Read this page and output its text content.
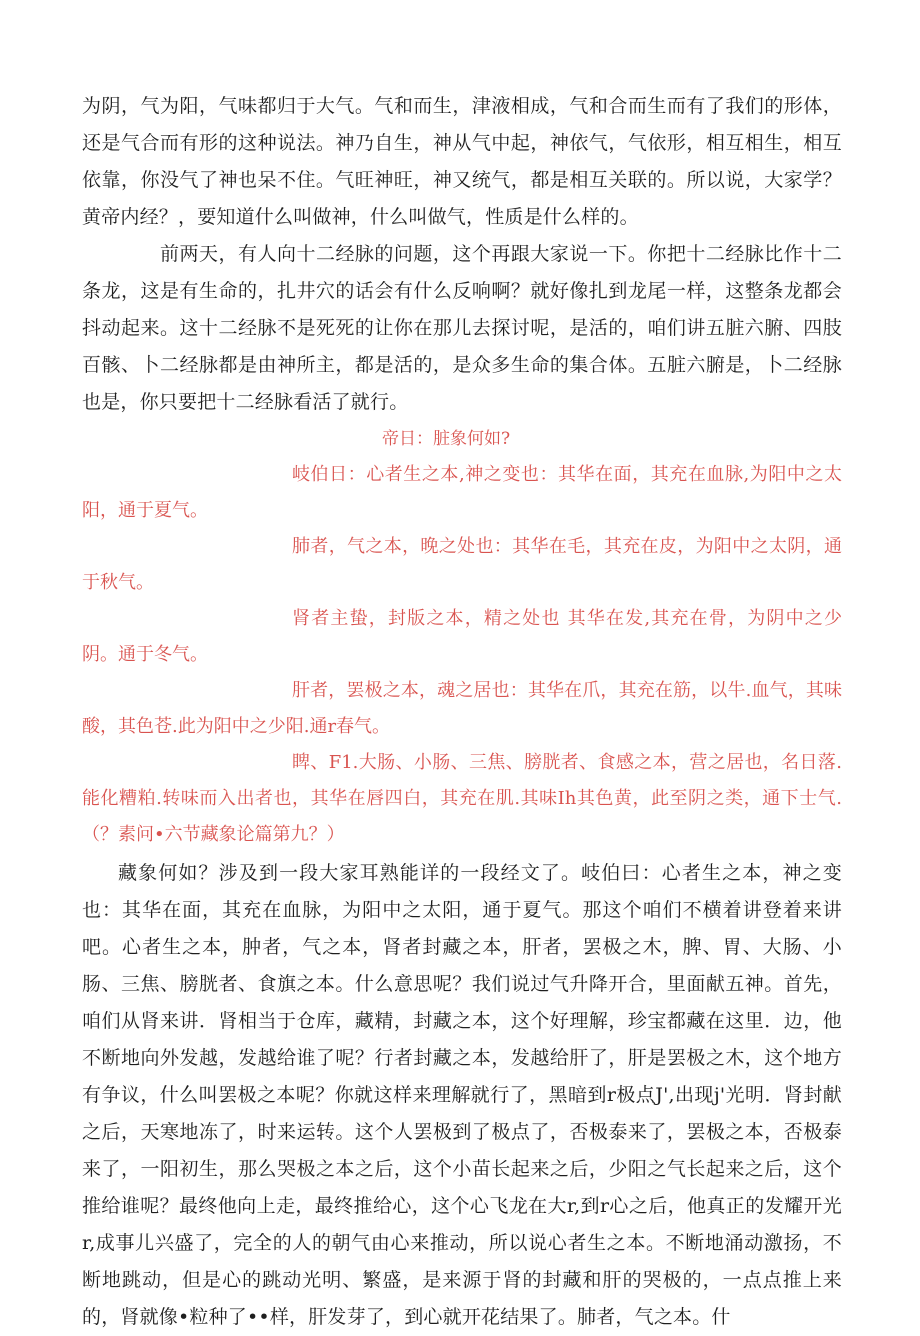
为阴，气为阳，气味都归于大气。气和而生，津液相成，气和合而生而有了我们的形体，还是气合而有形的这种说法。神乃自生，神从气中起，神依气，气依形，相互相生，相互依靠，你没气了神也呆不住。气旺神旺，神又统气，都是相互关联的。所以说，大家学？黄帝内经？，要知道什么叫做神，什么叫做气，性质是什么样的。

前两天，有人向十二经脉的问题，这个再跟大家说一下。你把十二经脉比作十二条龙，这是有生命的，扎井穴的话会有什么反响啊？就好像扎到龙尾一样，这整条龙都会抖动起来。这十二经脉不是死死的让你在那儿去探讨呢，是活的，咱们讲五脏六腑、四肢百骸、卜二经脉都是由神所主，都是活的，是众多生命的集合体。五脏六腑是，卜二经脉也是，你只要把十二经脉看活了就行。

帝日：脏象何如?

岐伯日：心者生之本,神之变也：其华在面，其充在血脉,为阳中之太阳，通于夏气。

肺者，气之本，晚之处也：其华在毛，其充在皮，为阳中之太阴，通于秋气。

肾者主蛰，封版之本，精之处也 其华在发,其充在骨，为阴中之少阴。通于冬气。

肝者，罢极之本，魂之居也：其华在爪，其充在筋，以牛.血气，其味酸，其色苍.此为阳中之少阳.通r春气。

睥、F1.大肠、小肠、三焦、膀胱者、食感之本，营之居也，名日落.能化糟粕.转味而入出者也，其华在唇四白，其充在肌.其味Ih其色黄，此至阴之类，通下士气.（？素问•六节藏象论篇第九？）

藏象何如？涉及到一段大家耳熟能详的一段经文了。岐伯曰：心者生之本，神之变也：其华在面，其充在血脉，为阳中之太阳，通于夏气。那这个咱们不横着讲登着来讲吧。心者生之本，肿者，气之本，肾者封藏之本，肝者，罢极之木，脾、胃、大肠、小肠、三焦、膀胱者、食旗之本。什么意思呢？我们说过气升降开合，里面献五神。首先，咱们从肾来讲．肾相当于仓库，藏精，封藏之本，这个好理解，珍宝都藏在这里．边，他不断地向外发越，发越给谁了呢？行者封藏之本，发越给肝了，肝是罢极之木，这个地方有争议，什么叫罢极之本呢？你就这样来理解就行了，黑暗到r极点J',出现j'光明．肾封献之后，天寒地冻了，时来运转。这个人罢极到了极点了，否极泰来了，罢极之本，否极泰来了，一阳初生，那么哭极之本之后，这个小苗长起来之后，少阳之气长起来之后，这个推给谁呢？最终他向上走，最终推给心，这个心飞龙在大r,到r心之后，他真正的发耀开光r,成事儿兴盛了，完全的人的朝气由心来推动，所以说心者生之本。不断地涌动激扬，不断地跳动，但是心的跳动光明、繁盛，是来源于肾的封藏和肝的哭极的，一点点推上来的，肾就像•粒种了••样，肝发芽了，到心就开花结果了。肺者，气之本。什
